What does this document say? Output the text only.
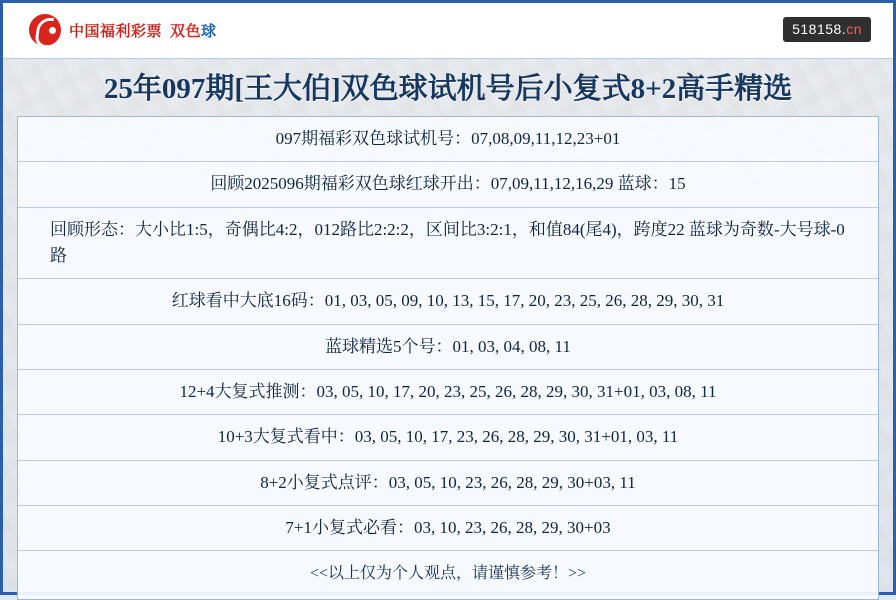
中国福利彩票 双色球	518158.cn
25年097期[王大伯]双色球试机号后小复式8+2高手精选
097期福彩双色球试机号：07,08,09,11,12,23+01
回顾2025096期福彩双色球红球开出：07,09,11,12,16,29 蓝球：15
回顾形态：大小比1:5，奇偶比4:2，012路比2:2:2，区间比3:2:1，和值84(尾4)，跨度22 蓝球为奇数-大号球-0路
红球看中大底16码：01, 03, 05, 09, 10, 13, 15, 17, 20, 23, 25, 26, 28, 29, 30, 31
蓝球精选5个号：01, 03, 04, 08, 11
12+4大复式推测：03, 05, 10, 17, 20, 23, 25, 26, 28, 29, 30, 31+01, 03, 08, 11
10+3大复式看中：03, 05, 10, 17, 23, 26, 28, 29, 30, 31+01, 03, 11
8+2小复式点评：03, 05, 10, 23, 26, 28, 29, 30+03, 11
7+1小复式必看：03, 10, 23, 26, 28, 29, 30+03
<<以上仅为个人观点，请谨慎参考！>>
